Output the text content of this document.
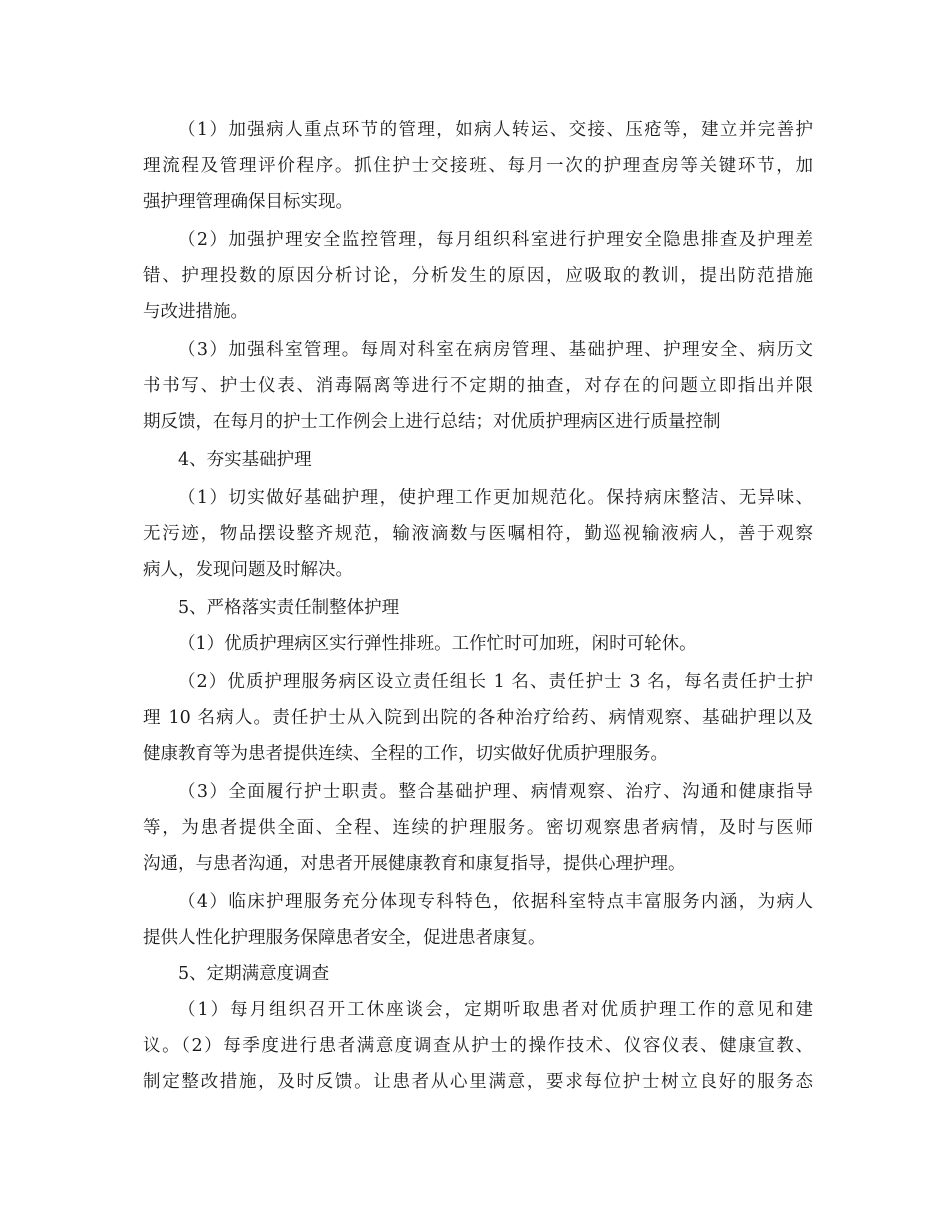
（1）加强病人重点环节的管理，如病人转运、交接、压疮等，建立并完善护
理流程及管理评价程序。抓住护士交接班、每月一次的护理查房等关键环节，加
强护理管理确保目标实现。
（2）加强护理安全监控管理，每月组织科室进行护理安全隐患排查及护理差
错、护理投数的原因分析讨论，分析发生的原因，应吸取的教训，提出防范措施
与改进措施。
（3）加强科室管理。每周对科室在病房管理、基础护理、护理安全、病历文
书书写、护士仪表、消毒隔离等进行不定期的抽查，对存在的问题立即指出并限
期反馈，在每月的护士工作例会上进行总结；对优质护理病区进行质量控制
4、夯实基础护理
（1）切实做好基础护理，使护理工作更加规范化。保持病床整洁、无异味、
无污迹，物品摆设整齐规范，输液滴数与医嘱相符，勤巡视输液病人，善于观察
病人，发现问题及时解决。
5、严格落实责任制整体护理
（1）优质护理病区实行弹性排班。工作忙时可加班，闲时可轮休。
（2）优质护理服务病区设立责任组长 1 名、责任护士 3 名，每名责任护士护
理 10 名病人。责任护士从入院到出院的各种治疗给药、病情观察、基础护理以及
健康教育等为患者提供连续、全程的工作，切实做好优质护理服务。
（3）全面履行护士职责。整合基础护理、病情观察、治疗、沟通和健康指导
等，为患者提供全面、全程、连续的护理服务。密切观察患者病情，及时与医师
沟通，与患者沟通，对患者开展健康教育和康复指导，提供心理护理。
（4）临床护理服务充分体现专科特色，依据科室特点丰富服务内涵，为病人
提供人性化护理服务保障患者安全，促进患者康复。
5、定期满意度调查
（1）每月组织召开工休座谈会，定期听取患者对优质护理工作的意见和建
议。（2）每季度进行患者满意度调查从护士的操作技术、仪容仪表、健康宣教、
制定整改措施，及时反馈。让患者从心里满意，要求每位护士树立良好的服务态
